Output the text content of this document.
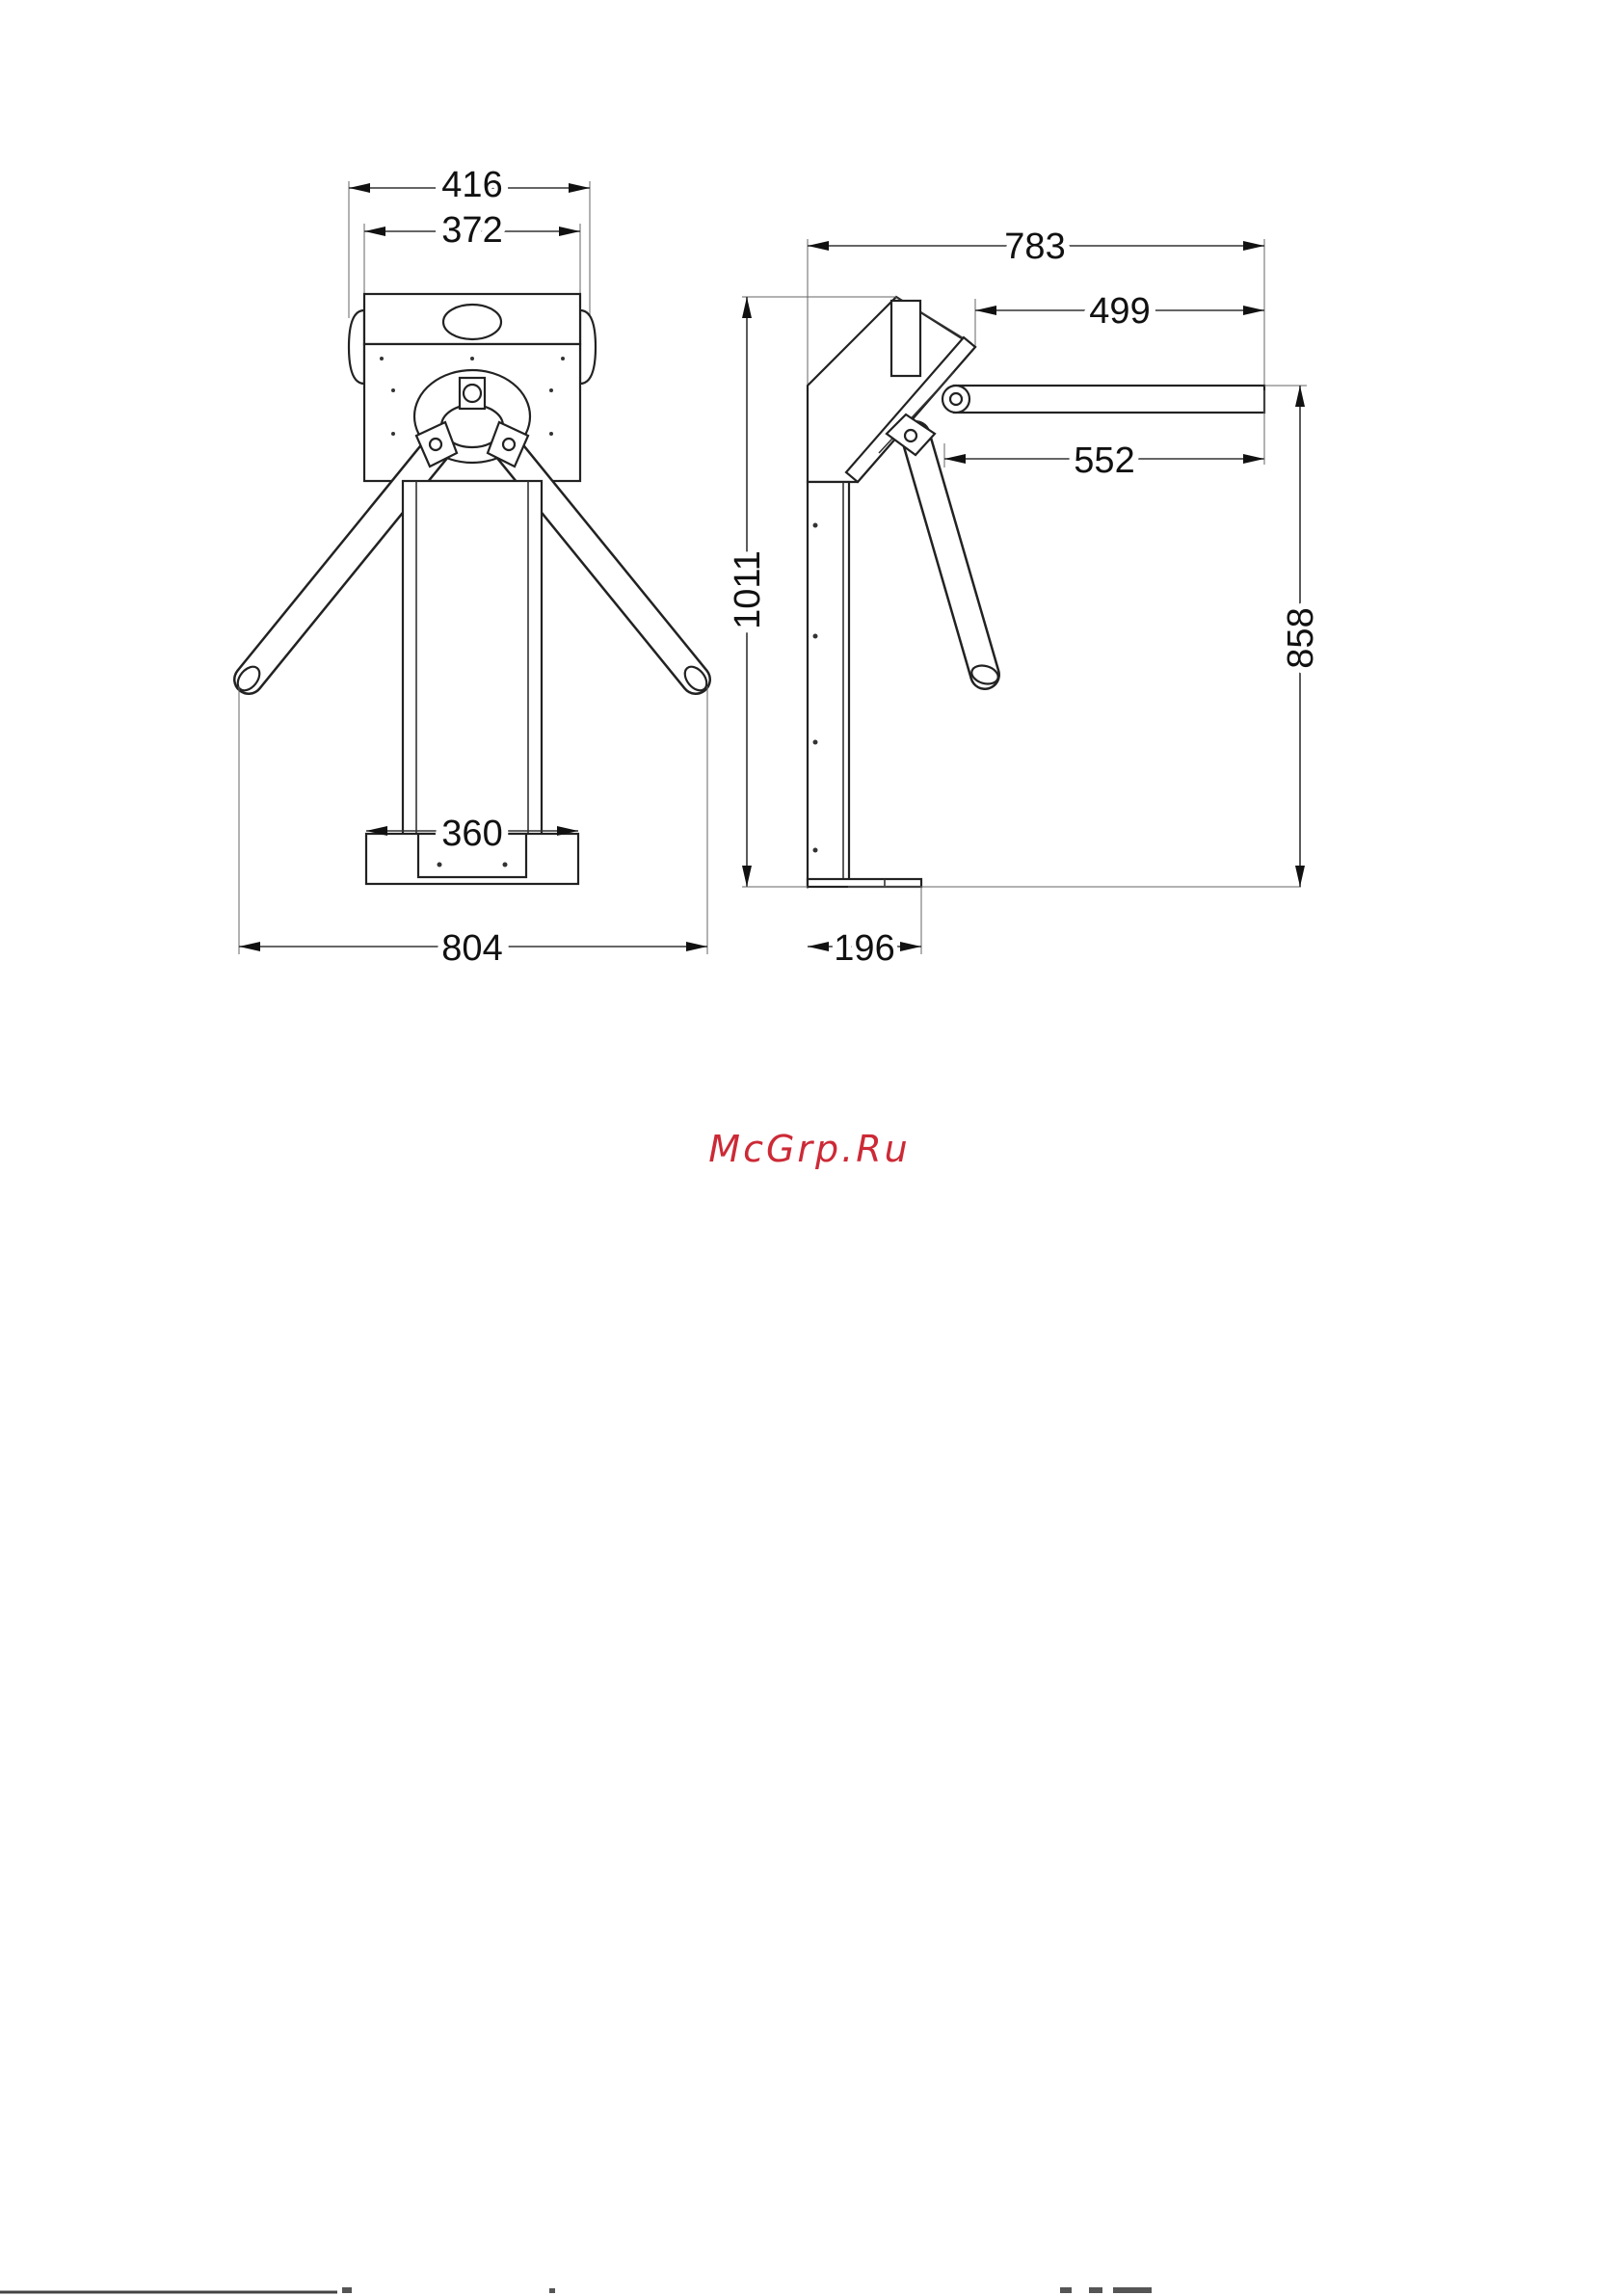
416
372
360
804
783
499
552
1011
858
196
McGrp.Ru
